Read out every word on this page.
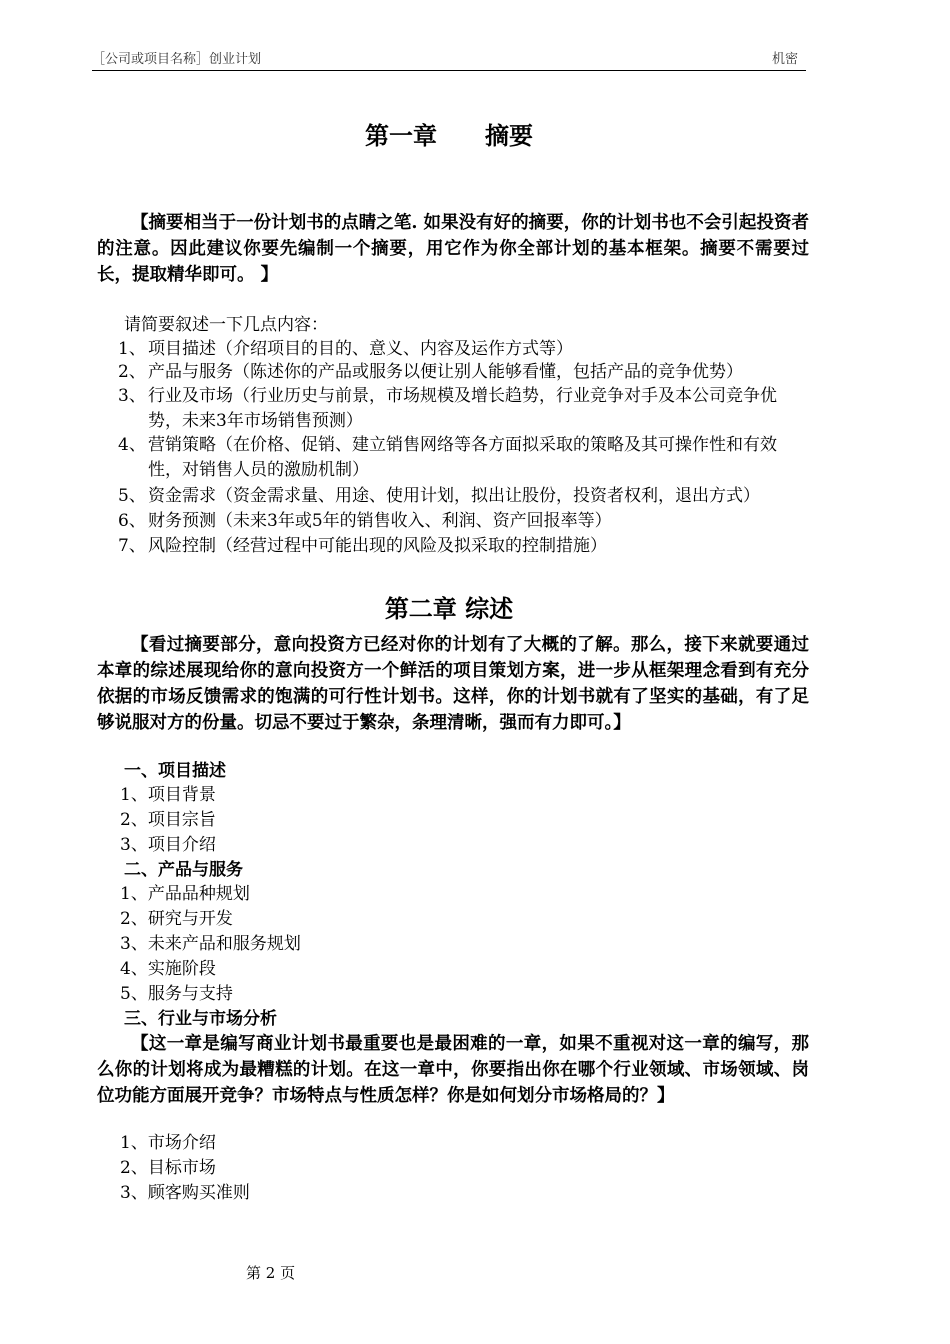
［公司或项目名称］创业计划	机密
第一章　　摘要
【摘要相当于一份计划书的点睛之笔. 如果没有好的摘要，你的计划书也不会引起投资者的注意。因此建议你要先编制一个摘要，用它作为你全部计划的基本框架。摘要不需要过长，提取精华即可。 】
请简要叙述一下几点内容：
1、 项目描述（介绍项目的目的、意义、内容及运作方式等）
2、 产品与服务（陈述你的产品或服务以便让别人能够看懂，包括产品的竞争优势）
3、 行业及市场（行业历史与前景，市场规模及增长趋势，行业竞争对手及本公司竞争优势，未来3年市场销售预测）
4、 营销策略（在价格、促销、建立销售网络等各方面拟采取的策略及其可操作性和有效性，对销售人员的激励机制）
5、 资金需求（资金需求量、用途、使用计划，拟出让股份，投资者权利，退出方式）
6、 财务预测（未来3年或5年的销售收入、利润、资产回报率等）
7、 风险控制（经营过程中可能出现的风险及拟采取的控制措施）
第二章 综述
【看过摘要部分，意向投资方已经对你的计划有了大概的了解。那么，接下来就要通过本章的综述展现给你的意向投资方一个鲜活的项目策划方案，进一步从框架理念看到有充分依据的市场反馈需求的饱满的可行性计划书。这样，你的计划书就有了坚实的基础，有了足够说服对方的份量。切忌不要过于繁杂，条理清晰，强而有力即可。】
一、项目描述
1、项目背景
2、项目宗旨
3、项目介绍
二、产品与服务
1、产品品种规划
2、研究与开发
3、未来产品和服务规划
4、实施阶段
5、服务与支持
三、行业与市场分析
【这一章是编写商业计划书最重要也是最困难的一章，如果不重视对这一章的编写，那么你的计划将成为最糟糕的计划。在这一章中，你要指出你在哪个行业领域、市场领域、岗位功能方面展开竞争？市场特点与性质怎样？你是如何划分市场格局的？】
1、市场介绍
2、目标市场
3、顾客购买准则
第 2 页
